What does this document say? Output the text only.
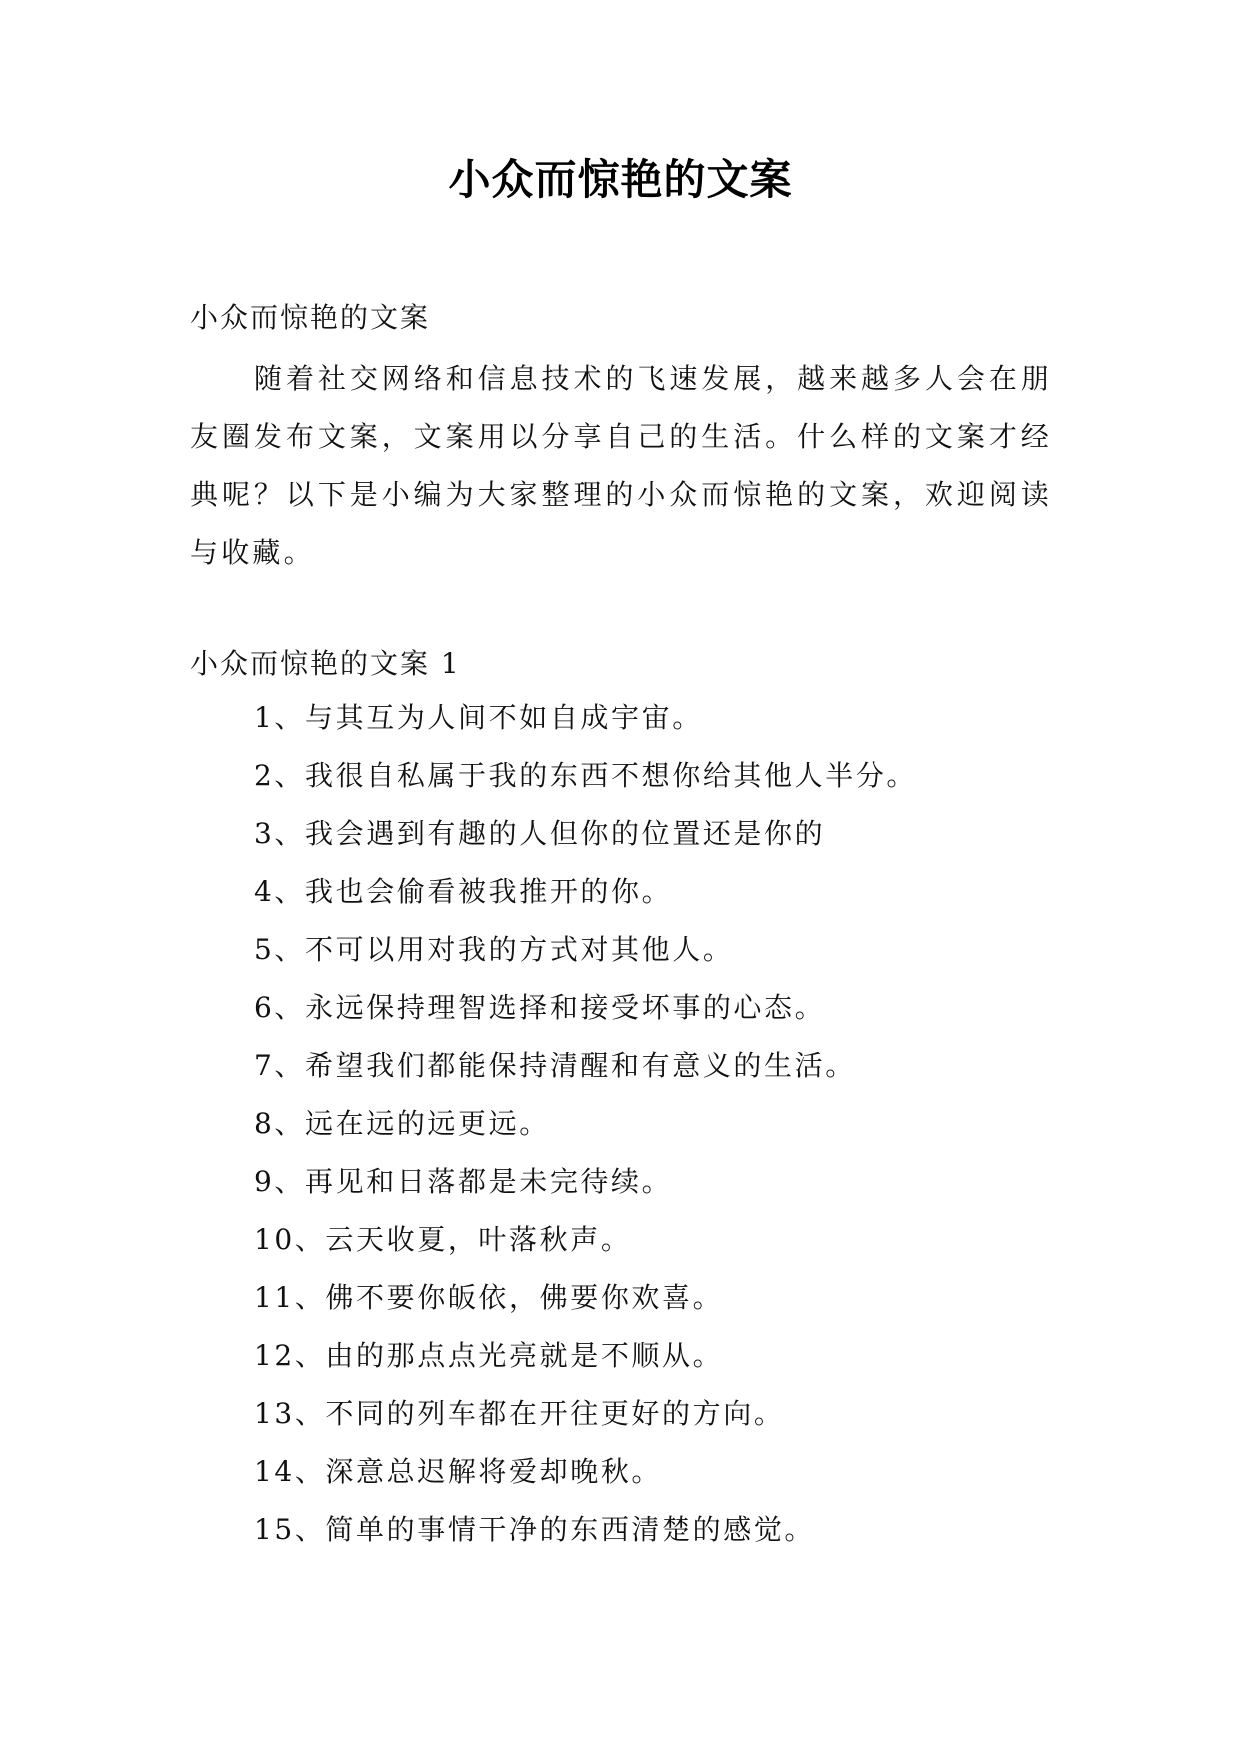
小众而惊艳的文案
小众而惊艳的文案

随着社交网络和信息技术的飞速发展，越来越多人会在朋友圈发布文案，文案用以分享自己的生活。什么样的文案才经典呢？以下是小编为大家整理的小众而惊艳的文案，欢迎阅读与收藏。

小众而惊艳的文案 1
1、与其互为人间不如自成宇宙。
2、我很自私属于我的东西不想你给其他人半分。
3、我会遇到有趣的人但你的位置还是你的
4、我也会偷看被我推开的你。
5、不可以用对我的方式对其他人。
6、永远保持理智选择和接受坏事的心态。
7、希望我们都能保持清醒和有意义的生活。
8、远在远的远更远。
9、再见和日落都是未完待续。
10、云天收夏，叶落秋声。
11、佛不要你皈依，佛要你欢喜。
12、由的那点点光亮就是不顺从。
13、不同的列车都在开往更好的方向。
14、深意总迟解将爱却晚秋。
15、简单的事情干净的东西清楚的感觉。
